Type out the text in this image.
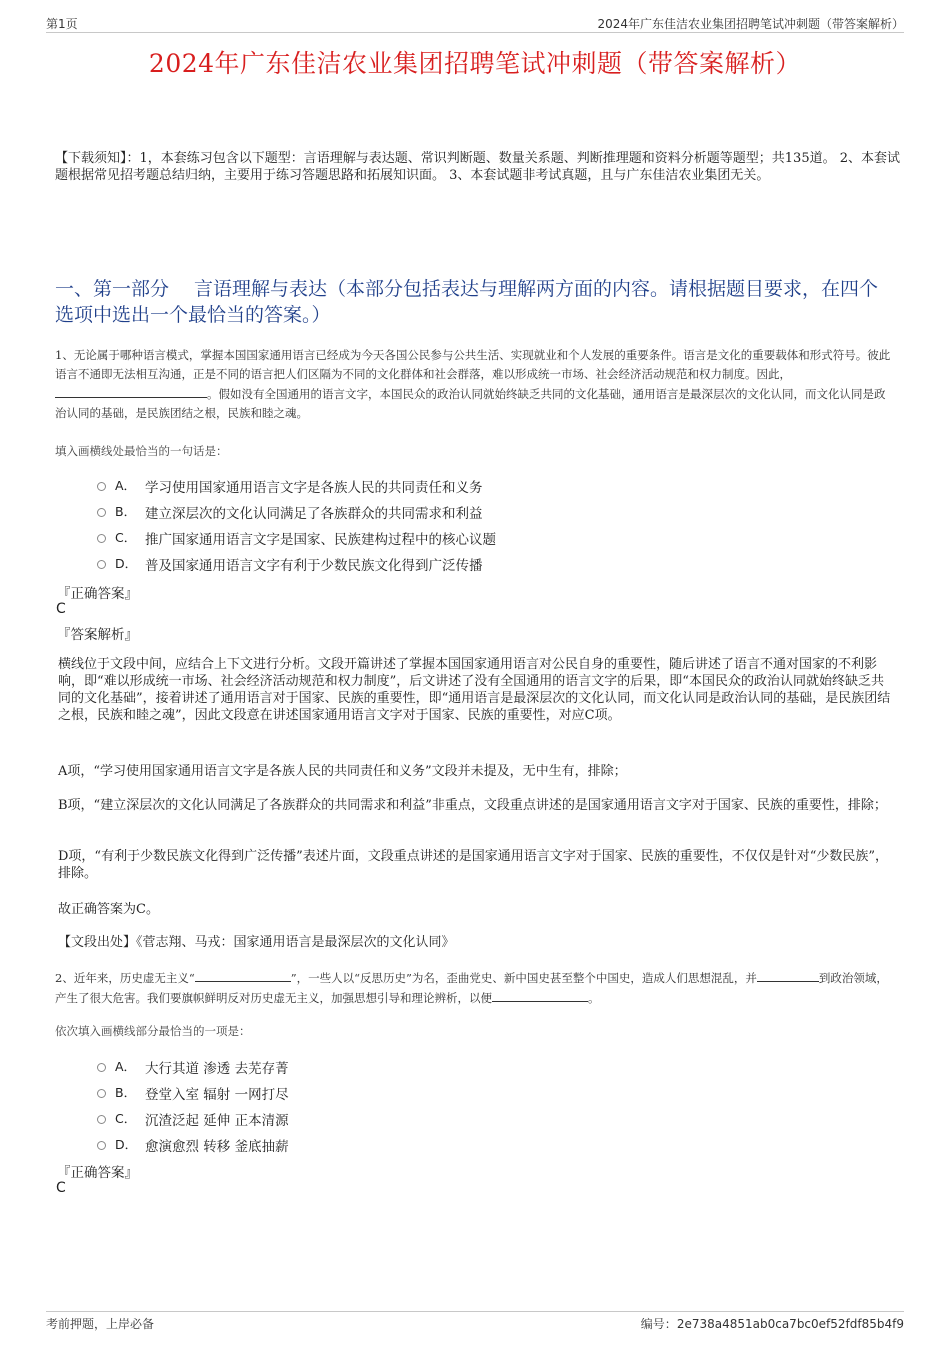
第1页	2024年广东佳洁农业集团招聘笔试冲刺题（带答案解析）
2024年广东佳洁农业集团招聘笔试冲刺题（带答案解析）
【下载须知】：1，本套练习包含以下题型：言语理解与表达题、常识判断题、数量关系题、判断推理题和资料分析题等题型；共135道。 2、本套试题根据常见招考题总结归纳，主要用于练习答题思路和拓展知识面。 3、本套试题非考试真题，且与广东佳洁农业集团无关。
一、第一部分　 言语理解与表达（本部分包括表达与理解两方面的内容。请根据题目要求，在四个选项中选出一个最恰当的答案。）
1、无论属于哪种语言模式，掌握本国国家通用语言已经成为今天各国公民参与公共生活、实现就业和个人发展的重要条件。语言是文化的重要载体和形式符号。彼此语言不通即无法相互沟通，正是不同的语言把人们区隔为不同的文化群体和社会群落，难以形成统一市场、社会经济活动规范和权力制度。因此，。假如没有全国通用的语言文字，本国民众的政治认同就始终缺乏共同的文化基础，通用语言是最深层次的文化认同，而文化认同是政治认同的基础，是民族团结之根，民族和睦之魂。
填入画横线处最恰当的一句话是：
A． 学习使用国家通用语言文字是各族人民的共同责任和义务
B． 建立深层次的文化认同满足了各族群众的共同需求和利益
C． 推广国家通用语言文字是国家、民族建构过程中的核心议题
D． 普及国家通用语言文字有利于少数民族文化得到广泛传播
『正确答案』
C
『答案解析』
横线位于文段中间，应结合上下文进行分析。文段开篇讲述了掌握本国国家通用语言对公民自身的重要性，随后讲述了语言不通对国家的不利影响，即“难以形成统一市场、社会经济活动规范和权力制度”，后文讲述了没有全国通用的语言文字的后果，即“本国民众的政治认同就始终缺乏共同的文化基础”，接着讲述了通用语言对于国家、民族的重要性，即“通用语言是最深层次的文化认同，而文化认同是政治认同的基础，是民族团结之根，民族和睦之魂”，因此文段意在讲述国家通用语言文字对于国家、民族的重要性，对应C项。
A项，“学习使用国家通用语言文字是各族人民的共同责任和义务”文段并未提及，无中生有，排除；
B项，“建立深层次的文化认同满足了各族群众的共同需求和利益”非重点，文段重点讲述的是国家通用语言文字对于国家、民族的重要性，排除；
D项，“有利于少数民族文化得到广泛传播”表述片面，文段重点讲述的是国家通用语言文字对于国家、民族的重要性，不仅仅是针对“少数民族”，排除。
故正确答案为C。
【文段出处】《菅志翔、马戎：国家通用语言是最深层次的文化认同》
2、近年来，历史虚无主义“	”，一些人以“反思历史”为名，歪曲党史、新中国史甚至整个中国史，造成人们思想混乱，并	到政治领域，产生了很大危害。我们要旗帜鲜明反对历史虚无主义，加强思想引导和理论辨析，以便	。
依次填入画横线部分最恰当的一项是：
A． 大行其道 渗透 去芜存菁
B． 登堂入室 辐射 一网打尽
C． 沉渣泛起 延伸 正本清源
D． 愈演愈烈 转移 釜底抽薪
『正确答案』
C
考前押题，上岸必备	编号：2e738a4851ab0ca7bc0ef52fdf85b4f9
